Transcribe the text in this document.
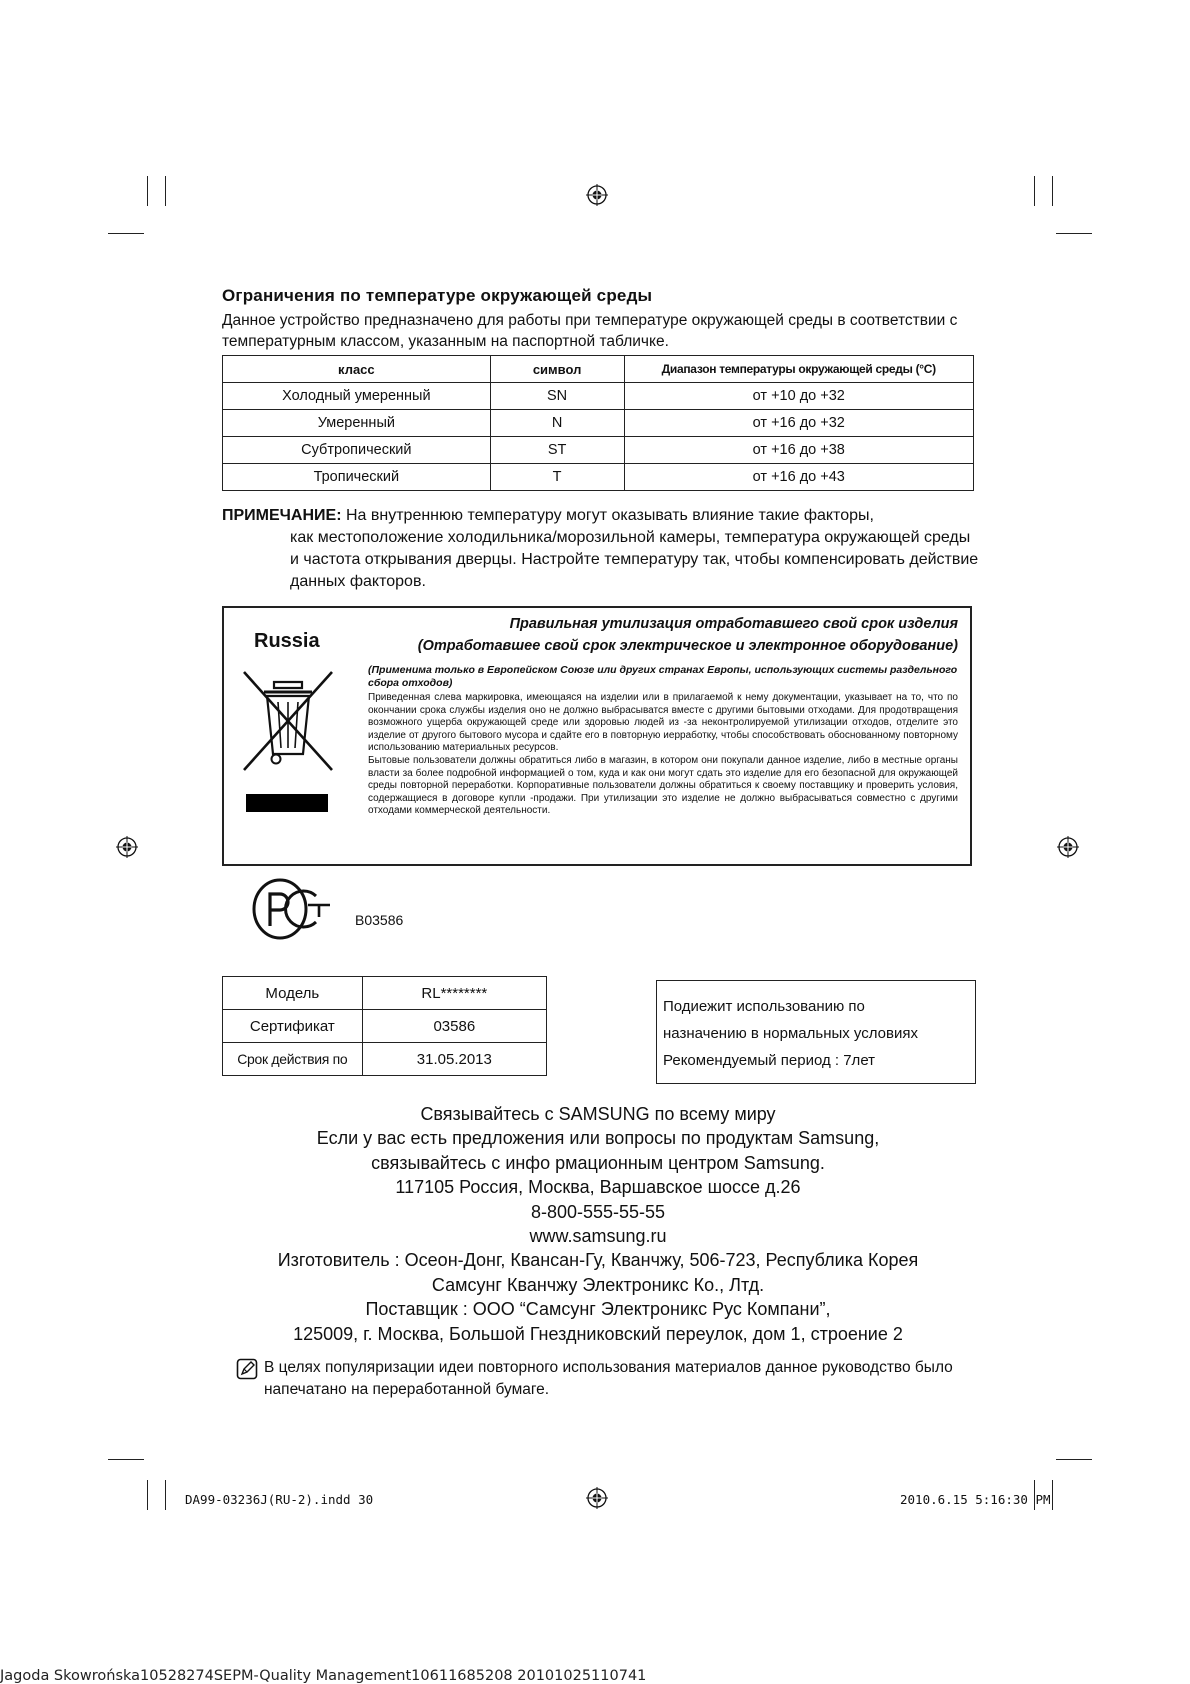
Ограничения по температуре окружающей среды
Данное устройство предназначено для работы при температуре окружающей среды в соответствии с температурным классом, указанным на паспортной табличке.
класс	символ	Диапазон температуры окружающей среды (°C)
Холодный умеренный	SN	от +10 до +32
Умеренный	N	от +16 до +32
Субтропический	ST	от +16 до +38
Тропический	T	от +16 до +43
ПРИМЕЧАНИЕ: На внутреннюю температуру могут оказывать влияние такие факторы,
как местоположение холодильника/морозильной камеры, температура окружающей среды и частота открывания дверцы. Настройте температуру так, чтобы компенсировать действие данных факторов.
Russia
Правильная утилизация отработавшего свой срок изделия
(Отработавшее свой срок электрическое и электронное оборудование)
(Применима только в Европейском Союзе или других странах Европы, использующих системы раздельного сбора отходов)
Приведенная слева маркировка, имеющаяся на изделии или в прилагаемой к нему документации, указывает на то, что по окончании срока службы изделия оно не должно выбрасыватся вместе с другими бытовыми отходами. Для продотвращения возможного ущерба окружающей среде или здоровью людей из -за неконтролируемой утилизации отходов, отделите это изделие от другого бытового мусора и сдайте его в повторную иерработку, чтобы способствовать обоснованному повторному использованию материальных ресурсов.
Бытовые пользователи должны обратиться либо в магазин, в котором они покупали данное изделие, либо в местные органы власти за более подробной информацией о том, куда и как они могут сдать это изделие для его безопасной для окружающей среды повторной переработки. Корпоративные пользователи должны обратиться к своему поставщику и проверить условия, содержащиеся в договоре купли -продажи. При утилизации это изделие не должно выбрасываться совместно с другими отходами коммерческой деятельности.
B03586
Модель	RL********
Сертификат	03586
Срок действия по	31.05.2013
Подиежит использованию по
назначению в нормальных условиях
Рекомендуемый период : 7лет
Связывайтесь с SAMSUNG по всему миру
Если у вас есть предложения или вопросы по продуктам Samsung,
связывайтесь с инфо рмационным центром Samsung.
117105 Россия, Москва, Варшавское шоссе д.26
8-800-555-55-55
www.samsung.ru
Изготовитель : Осеон-Донг, Квансан-Гу, Кванчжу, 506-723, Республика Корея
Самсунг Кванчжу Электроникс Ко., Лтд.
Поставщик : ООО “Самсунг Электроникс Рус Компани”,
125009, г. Москва, Большой Гнездниковский переулок, дом 1, строение 2
В целях популяризации идеи повторного использования материалов данное руководство было напечатано на переработанной бумаге.
DA99-03236J(RU-2).indd 30	2010.6.15 5:16:30 PM
Jagoda Skowrońska10528274SEPM-Quality Management10611685208 20101025110741
